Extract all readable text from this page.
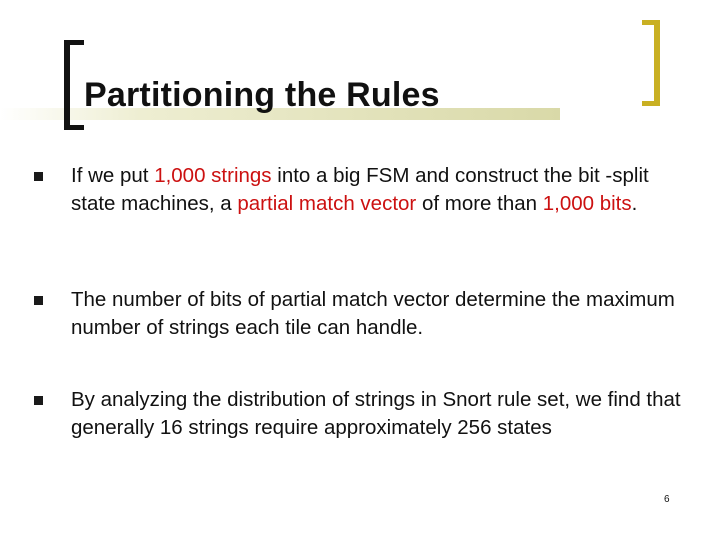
Partitioning the Rules
If we put 1,000 strings into a big FSM and construct the bit -split state machines, a partial match vector of more than 1,000 bits.
The number of bits of partial match vector determine the maximum number of strings each tile can handle.
By analyzing the distribution of strings in Snort rule set, we find that generally 16 strings require approximately 256 states
6
